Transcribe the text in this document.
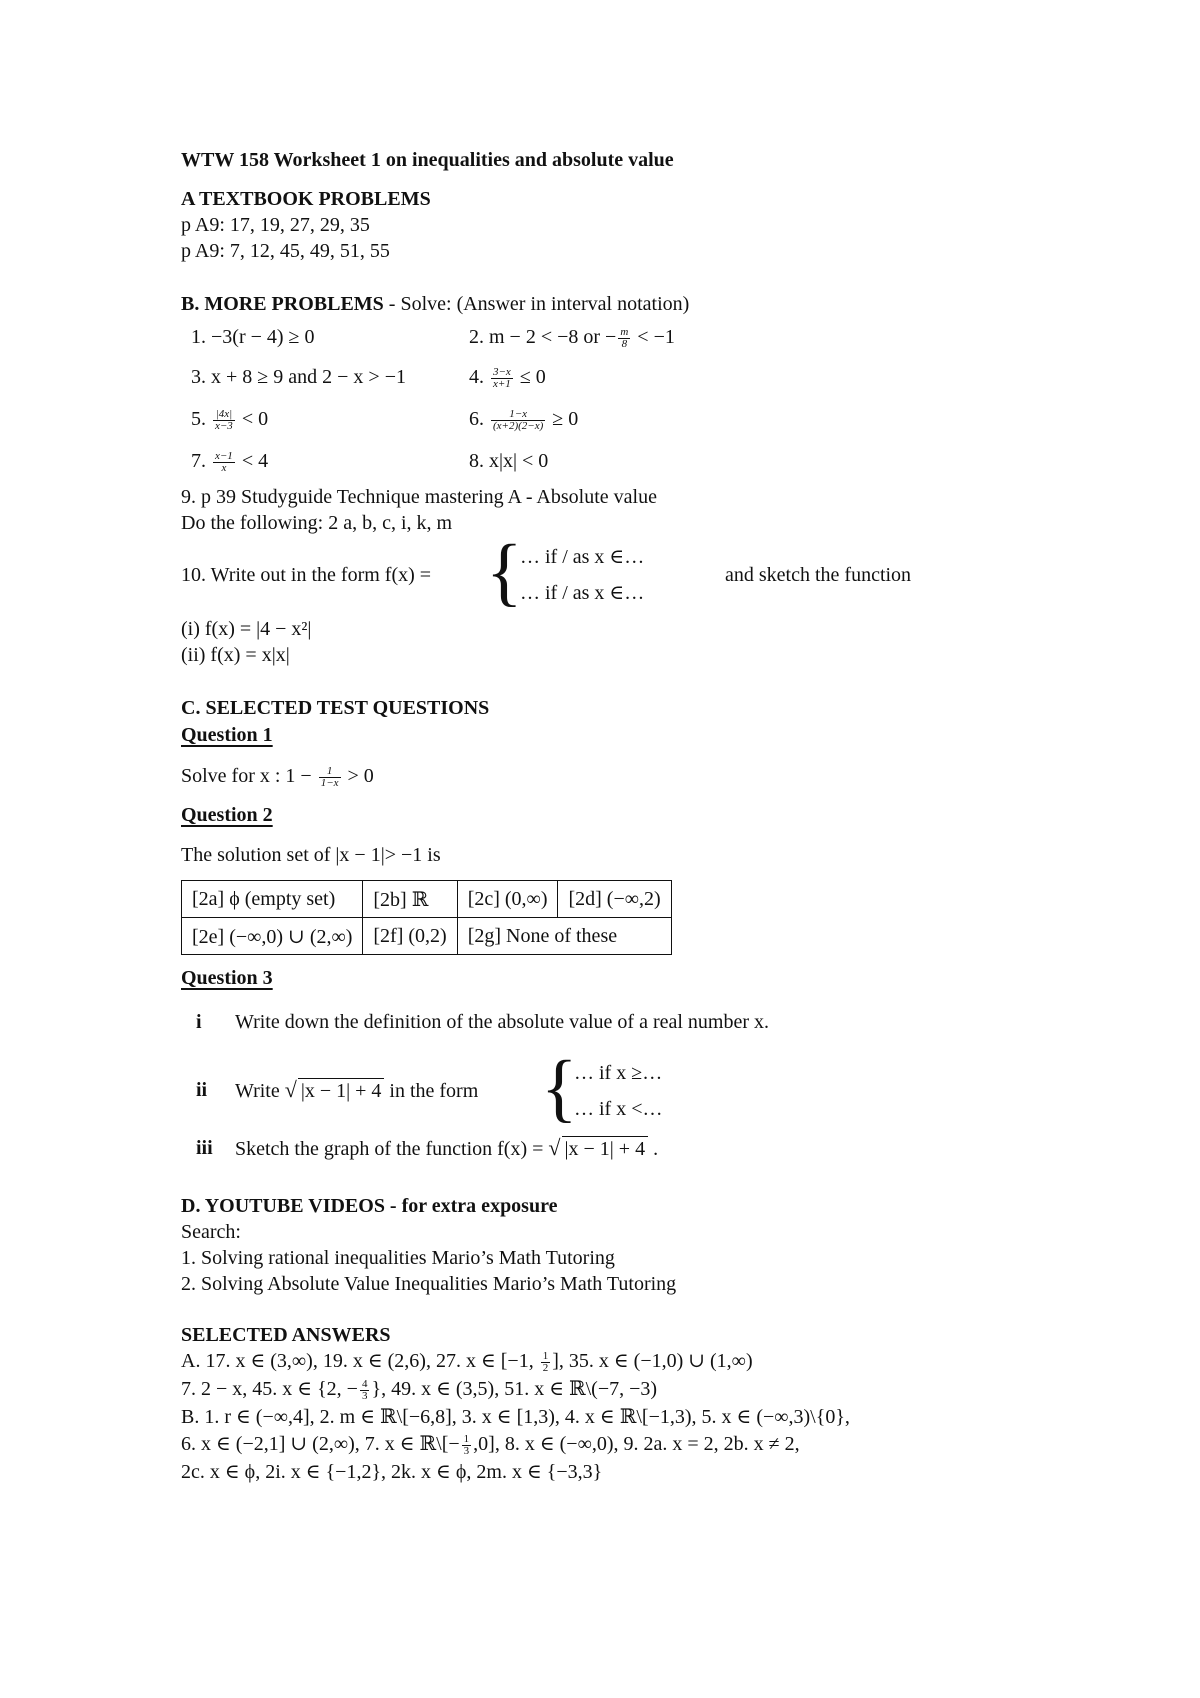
WTW 158 Worksheet 1 on inequalities and absolute value
A TEXTBOOK PROBLEMS
p A9: 17, 19, 27, 29, 35
p A9: 7, 12, 45, 49, 51, 55
B. MORE PROBLEMS - Solve: (Answer in interval notation)
1. −3(r − 4) ≥ 0	2. m − 2 < −8 or − $\frac{m}{8} < -1$
3. x + 8 ≥ 9 and 2 − x > −1	4. $\frac{3-x}{x+1} \le 0$
5. $\frac{|4x|}{x-3} < 0$	6. $\frac{1-x}{(x+2)(2-x)} \ge 0$
7. $\frac{x-1}{x} < 4$	8. x|x| < 0
9. p 39 Studyguide Technique mastering A - Absolute value
Do the following: 2 a, b, c, i, k, m
10. Write out in the form f(x) = {
… if / as x ∈…
… if / as x ∈…
and sketch the function
(i) f(x) = |4 − x²|
(ii) f(x) = x|x|
C. SELECTED TEST QUESTIONS
Question 1
Solve for x : $1 - \frac{1}{1-x} > 0$
Question 2
The solution set of |x − 1|> −1 is
[2a] ϕ (empty set)	[2b] ℝ	[2c] (0,∞)	[2d] (−∞,2)
[2e] (−∞,0) ∪ (2,∞)	[2f] (0,2)	[2g] None of these	
Question 3
i Write down the definition of the absolute value of a real number x.
ii Write √ |x − 1| + 4 in the form {
… if x ≥…
… if x <…
iii Sketch the graph of the function f(x) = √ |x − 1| + 4 .
D. YOUTUBE VIDEOS - for extra exposure
Search:
1. Solving rational inequalities Mario’s Math Tutoring
2. Solving Absolute Value Inequalities Mario’s Math Tutoring
SELECTED ANSWERS
A. 17. x ∈ (3,∞), 19. x ∈ (2,6), 27. x ∈ [−1, $\frac{1}{2}$ ], 35. x ∈ (−1,0) ∪ (1,∞)
7. 2 − x, 45. x ∈ {2, − $\frac{4}{3}$ }, 49. x ∈ (3,5), 51. x ∈ ℝ\(−7, −3)
B. 1. r ∈ (−∞,4], 2. m ∈ ℝ\[−6,8], 3. x ∈ [1,3), 4. x ∈ ℝ\[−1,3), 5. x ∈ (−∞,3)\{0},
6. x ∈ (−2,1] ∪ (2,∞), 7. x ∈ ℝ\[− $\frac{1}{3} ,0$], 8. x ∈ (−∞,0), 9. 2a. x = 2, 2b. x ≠ 2,
2c. x ∈ ϕ, 2i. x ∈ {−1,2}, 2k. x ∈ ϕ, 2m. x ∈ {−3,3}
